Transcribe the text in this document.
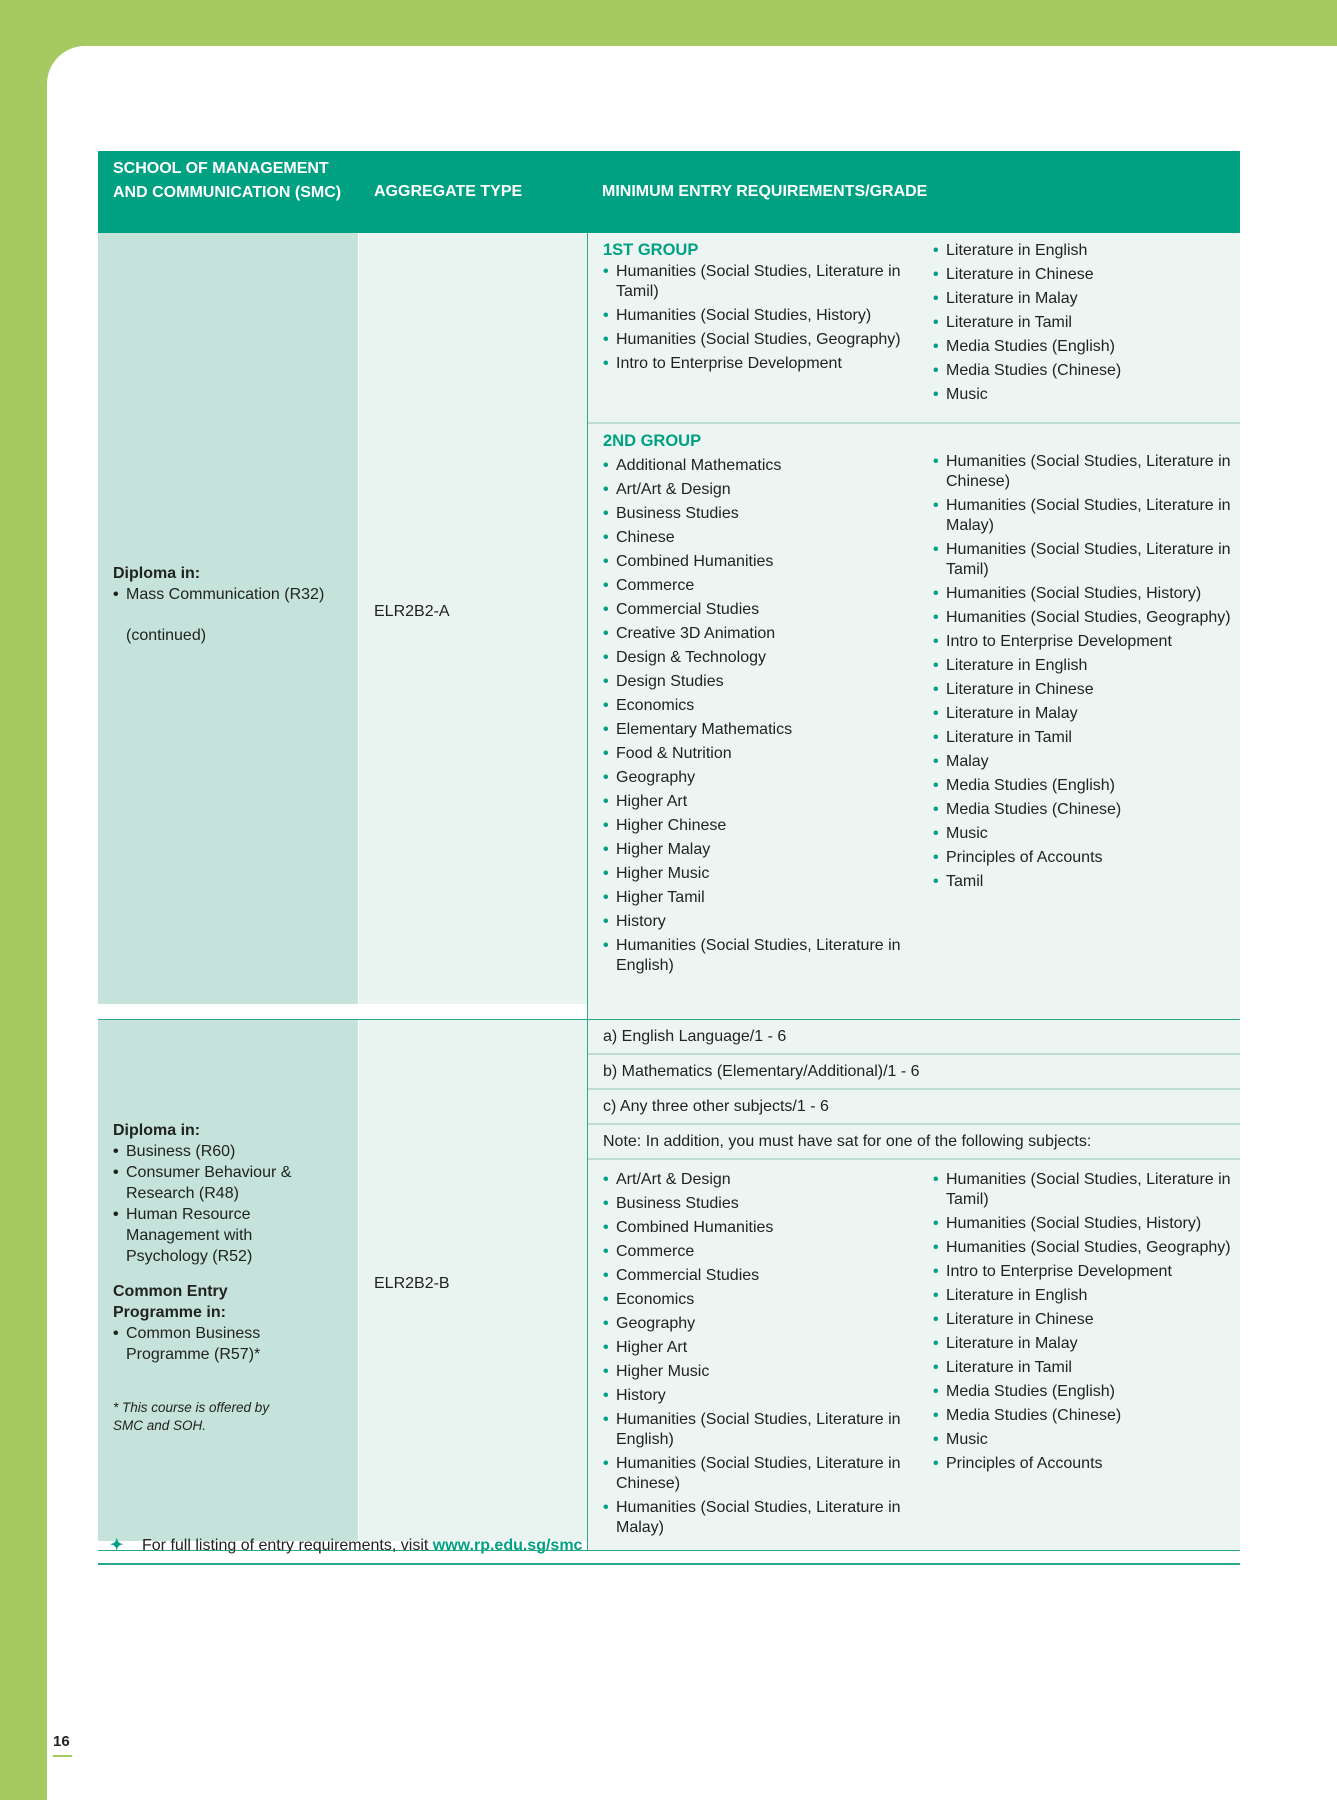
SCHOOL OF MANAGEMENT AND COMMUNICATION (SMC)	AGGREGATE TYPE	MINIMUM ENTRY REQUIREMENTS/GRADE
Diploma in:
• Mass Communication (R32)
(continued)
ELR2B2-A
1ST GROUP
• Humanities (Social Studies, Literature in Tamil)
• Humanities (Social Studies, History)
• Humanities (Social Studies, Geography)
• Intro to Enterprise Development
• Literature in English
• Literature in Chinese
• Literature in Malay
• Literature in Tamil
• Media Studies (English)
• Media Studies (Chinese)
• Music
2ND GROUP
• Additional Mathematics
• Art/Art & Design
• Business Studies
• Chinese
• Combined Humanities
• Commerce
• Commercial Studies
• Creative 3D Animation
• Design & Technology
• Design Studies
• Economics
• Elementary Mathematics
• Food & Nutrition
• Geography
• Higher Art
• Higher Chinese
• Higher Malay
• Higher Music
• Higher Tamil
• History
• Humanities (Social Studies, Literature in English)
• Humanities (Social Studies, Literature in Chinese)
• Humanities (Social Studies, Literature in Malay)
• Humanities (Social Studies, Literature in Tamil)
• Humanities (Social Studies, History)
• Humanities (Social Studies, Geography)
• Intro to Enterprise Development
• Literature in English
• Literature in Chinese
• Literature in Malay
• Literature in Tamil
• Malay
• Media Studies (English)
• Media Studies (Chinese)
• Music
• Principles of Accounts
• Tamil
Diploma in:
• Business (R60)
• Consumer Behaviour & Research (R48)
• Human Resource Management with Psychology (R52)
Common Entry Programme in:
• Common Business Programme (R57)*
* This course is offered by SMC and SOH.
ELR2B2-B
a) English Language/1 - 6
b) Mathematics (Elementary/Additional)/1 - 6
c) Any three other subjects/1 - 6
Note: In addition, you must have sat for one of the following subjects:
• Art/Art & Design
• Business Studies
• Combined Humanities
• Commerce
• Commercial Studies
• Economics
• Geography
• Higher Art
• Higher Music
• History
• Humanities (Social Studies, Literature in English)
• Humanities (Social Studies, Literature in Chinese)
• Humanities (Social Studies, Literature in Malay)
• Humanities (Social Studies, Literature in Tamil)
• Humanities (Social Studies, History)
• Humanities (Social Studies, Geography)
• Intro to Enterprise Development
• Literature in English
• Literature in Chinese
• Literature in Malay
• Literature in Tamil
• Media Studies (English)
• Media Studies (Chinese)
• Music
• Principles of Accounts
✦ For full listing of entry requirements, visit www.rp.edu.sg/smc
16
